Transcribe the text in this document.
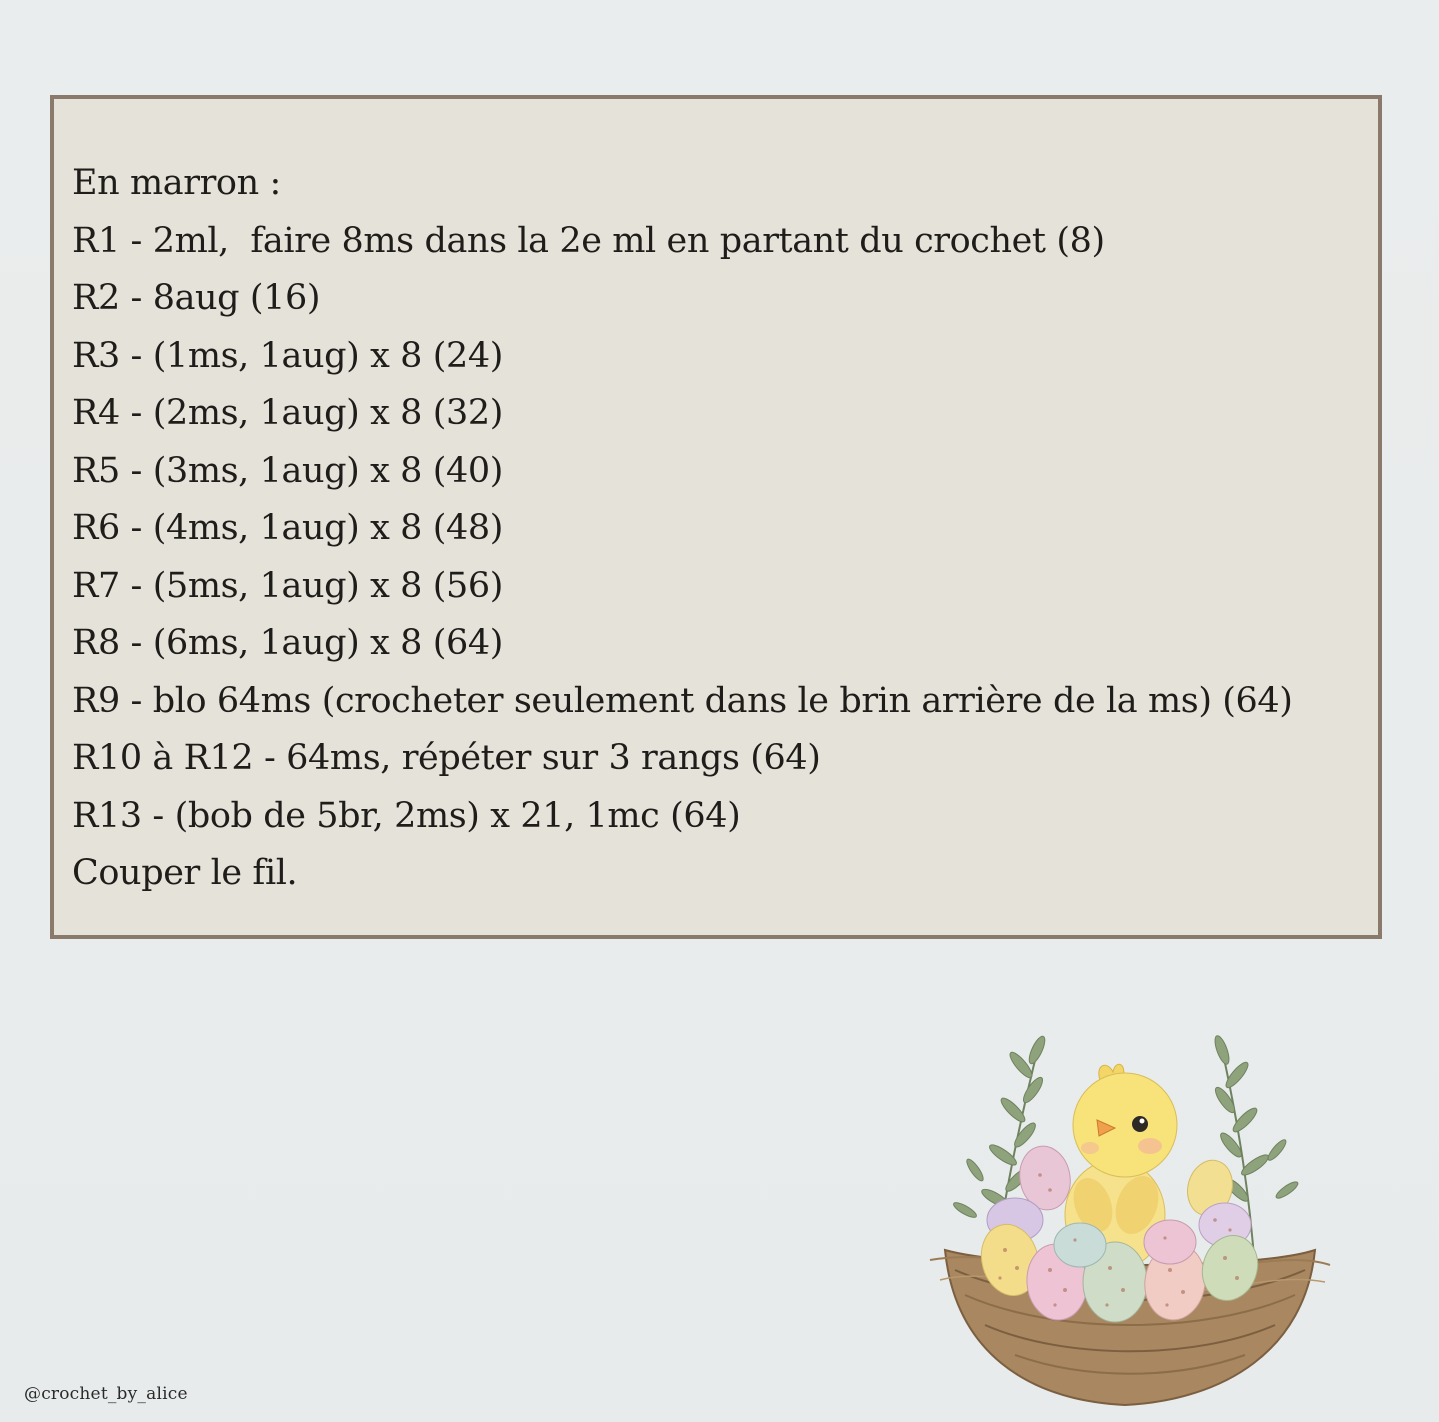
En marron :
R1 - 2ml,  faire 8ms dans la 2e ml en partant du crochet (8)
R2 - 8aug (16)
R3 - (1ms, 1aug) x 8 (24)
R4 - (2ms, 1aug) x 8 (32)
R5 - (3ms, 1aug) x 8 (40)
R6 - (4ms, 1aug) x 8 (48)
R7 - (5ms, 1aug) x 8 (56)
R8 - (6ms, 1aug) x 8 (64)
R9 - blo 64ms (crocheter seulement dans le brin arrière de la ms) (64)
R10 à R12 - 64ms, répéter sur 3 rangs (64)
R13 - (bob de 5br, 2ms) x 21, 1mc (64)
Couper le fil.
@crochet_by_alice
